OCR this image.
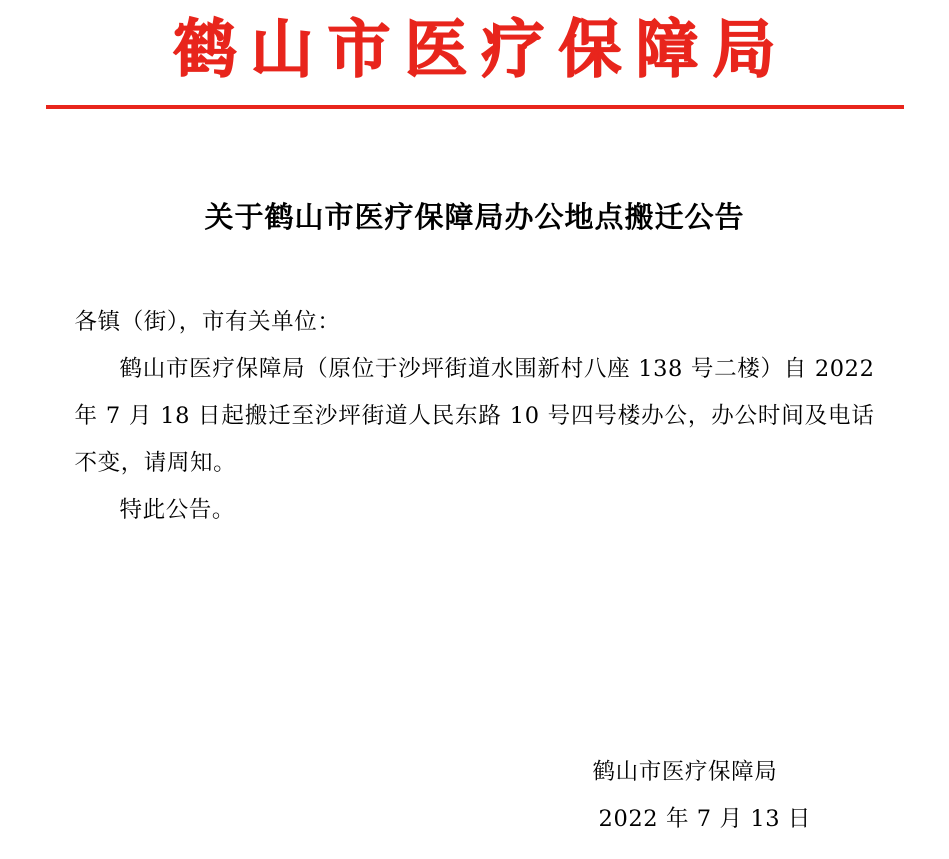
鹤山市医疗保障局
关于鹤山市医疗保障局办公地点搬迁公告
各镇（街），市有关单位：
鹤山市医疗保障局（原位于沙坪街道水围新村八座 138 号二楼）自 2022 年 7 月 18 日起搬迁至沙坪街道人民东路 10 号四号楼办公，办公时间及电话不变，请周知。
特此公告。
鹤山市医疗保障局
2022 年 7 月 13 日
